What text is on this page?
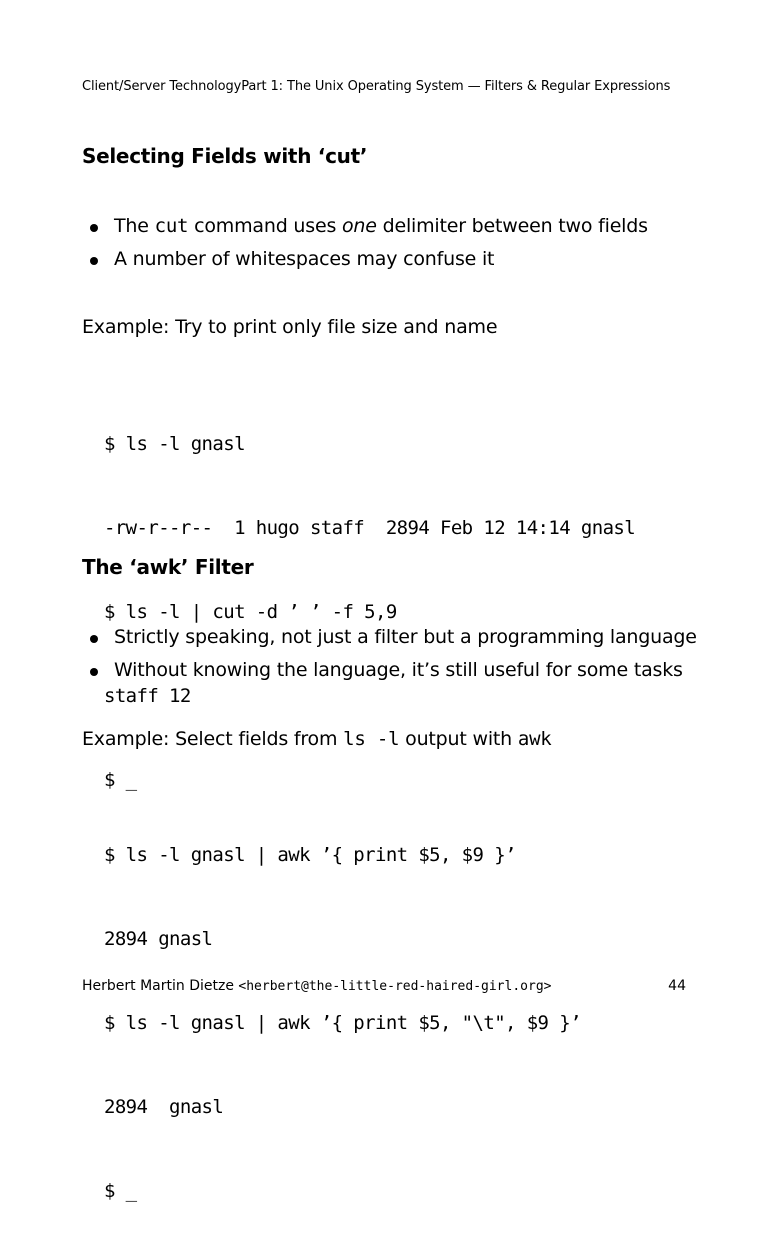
Client/Server TechnologyPart 1: The Unix Operating System — Filters & Regular Expressions
Selecting Fields with ‘cut’
The cut command uses one delimiter between two fields
A number of whitespaces may confuse it

Example: Try to print only file size and name

$ ls -l gnasl

-rw-r--r--  1 hugo staff  2894 Feb 12 14:14 gnasl

$ ls -l | cut -d ’ ’ -f 5,9

staff 12

$ _

The ‘awk’ Filter
Strictly speaking, not just a filter but a programming language
Without knowing the language, it’s still useful for some tasks

Example: Select fields from ls -l output with awk

$ ls -l gnasl | awk ’{ print $5, $9 }’

2894 gnasl

$ ls -l gnasl | awk ’{ print $5, "\t", $9 }’

2894  gnasl

$ _

Herbert Martin Dietze <herbert@the-little-red-haired-girl.org>	44
